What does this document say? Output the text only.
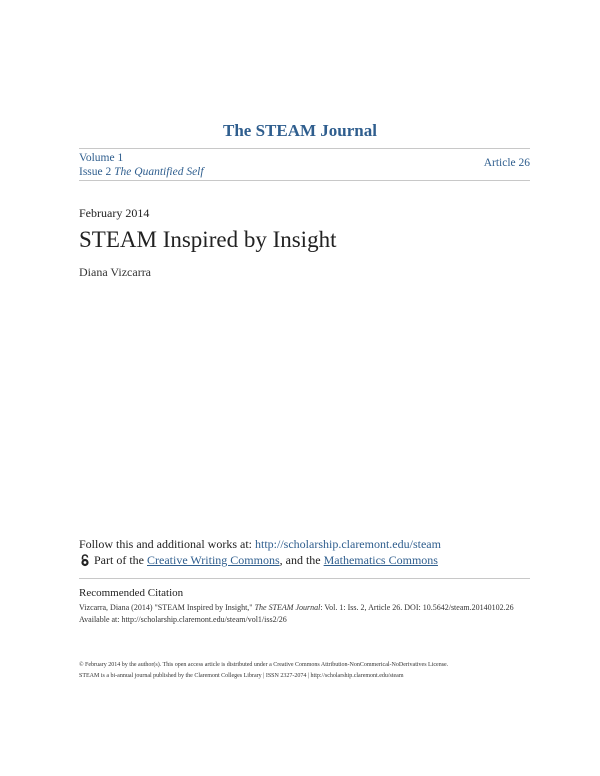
The STEAM Journal
Volume 1
Issue 2 The Quantified Self
Article 26
February 2014
STEAM Inspired by Insight
Diana Vizcarra
Follow this and additional works at: http://scholarship.claremont.edu/steam
Part of the Creative Writing Commons , and the Mathematics Commons
Recommended Citation
Vizcarra, Diana (2014) "STEAM Inspired by Insight," The STEAM Journal: Vol. 1: Iss. 2, Article 26. DOI: 10.5642/steam.20140102.26
Available at: http://scholarship.claremont.edu/steam/vol1/iss2/26
© February 2014 by the author(s). This open access article is distributed under a Creative Commons Attribution-NonCommerical-NoDerivatives License.
STEAM is a bi-annual journal published by the Claremont Colleges Library | ISSN 2327-2074 | http://scholarship.claremont.edu/steam
